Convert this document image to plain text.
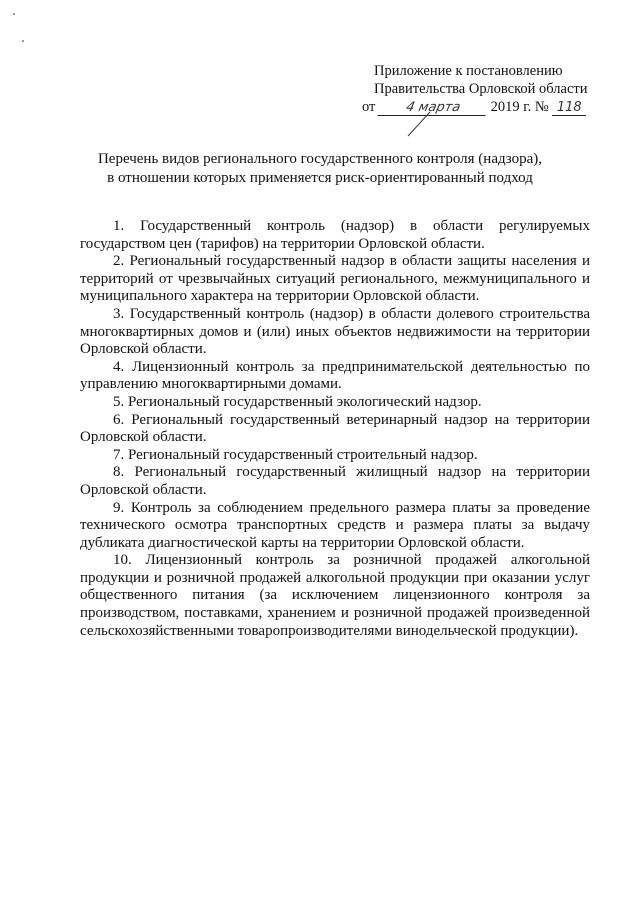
Приложение к постановлению
Правительства Орловской области
от 4 марта 2019 г. № 118
Перечень видов регионального государственного контроля (надзора),
в отношении которых применяется риск-ориентированный подход

1. Государственный контроль (надзор) в области регулируемых государством цен (тарифов) на территории Орловской области.

2. Региональный государственный надзор в области защиты населения и территорий от чрезвычайных ситуаций регионального, межмуниципального и муниципального характера на территории Орловской области.

3. Государственный контроль (надзор) в области долевого строительства многоквартирных домов и (или) иных объектов недвижимости на территории Орловской области.

4. Лицензионный контроль за предпринимательской деятельностью по управлению многоквартирными домами.

5. Региональный государственный экологический надзор.

6. Региональный государственный ветеринарный надзор на территории Орловской области.

7. Региональный государственный строительный надзор.

8. Региональный государственный жилищный надзор на территории Орловской области.

9. Контроль за соблюдением предельного размера платы за проведение технического осмотра транспортных средств и размера платы за выдачу дубликата диагностической карты на территории Орловской области.

10. Лицензионный контроль за розничной продажей алкогольной продукции и розничной продажей алкогольной продукции при оказании услуг общественного питания (за исключением лицензионного контроля за производством, поставками, хранением и розничной продажей произведенной сельскохозяйственными товаропроизводителями винодельческой продукции).
